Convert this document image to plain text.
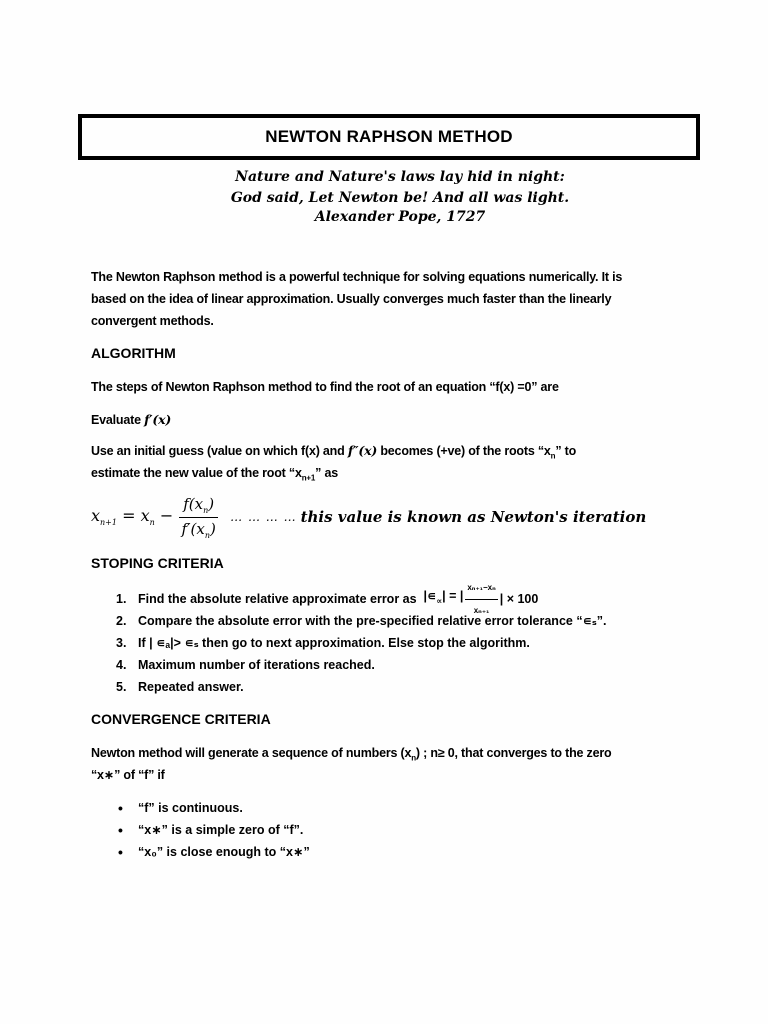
NEWTON RAPHSON METHOD
Nature and Nature's laws lay hid in night:
God said, Let Newton be! And all was light.
Alexander Pope, 1727
The Newton Raphson method is a powerful technique for solving equations numerically. It is
based on the idea of linear approximation. Usually converges much faster than the linearly
convergent methods.
ALGORITHM
The steps of Newton Raphson method to find the root of an equation “f(x) =0” are
Evaluate f′(x)
Use an initial guess (value on which f(x) and f″(x) becomes (+ve) of the roots “$x_n$” to
estimate the new value of the root “$x_{n+1}$” as
$x_{n+1} = x_n - \frac{f(x_n)}{f'(x_n)}$ … … … … this value is known as Newton's iteration
STOPING CRITERIA
1. Find the absolute relative approximate error as
$|∊_\propto|$ = | $\frac{\text{xₙ₊₁−xₙ}}{\text{xₙ₊₁}}$ | × 100
2. Compare the absolute error with the pre-specified relative error tolerance “∊ₛ”.
3. If | ∊ₐ|> ∊ₛ then go to next approximation. Else stop the algorithm.
4. Maximum number of iterations reached.
5. Repeated answer.
CONVERGENCE CRITERIA
Newton method will generate a sequence of numbers $(x_n)$ ; n≥ 0, that converges to the zero
“x∗” of “f” if
•	“f” is continuous.
•	“x∗” is a simple zero of “f”.
•	“x₀” is close enough to “x∗”
